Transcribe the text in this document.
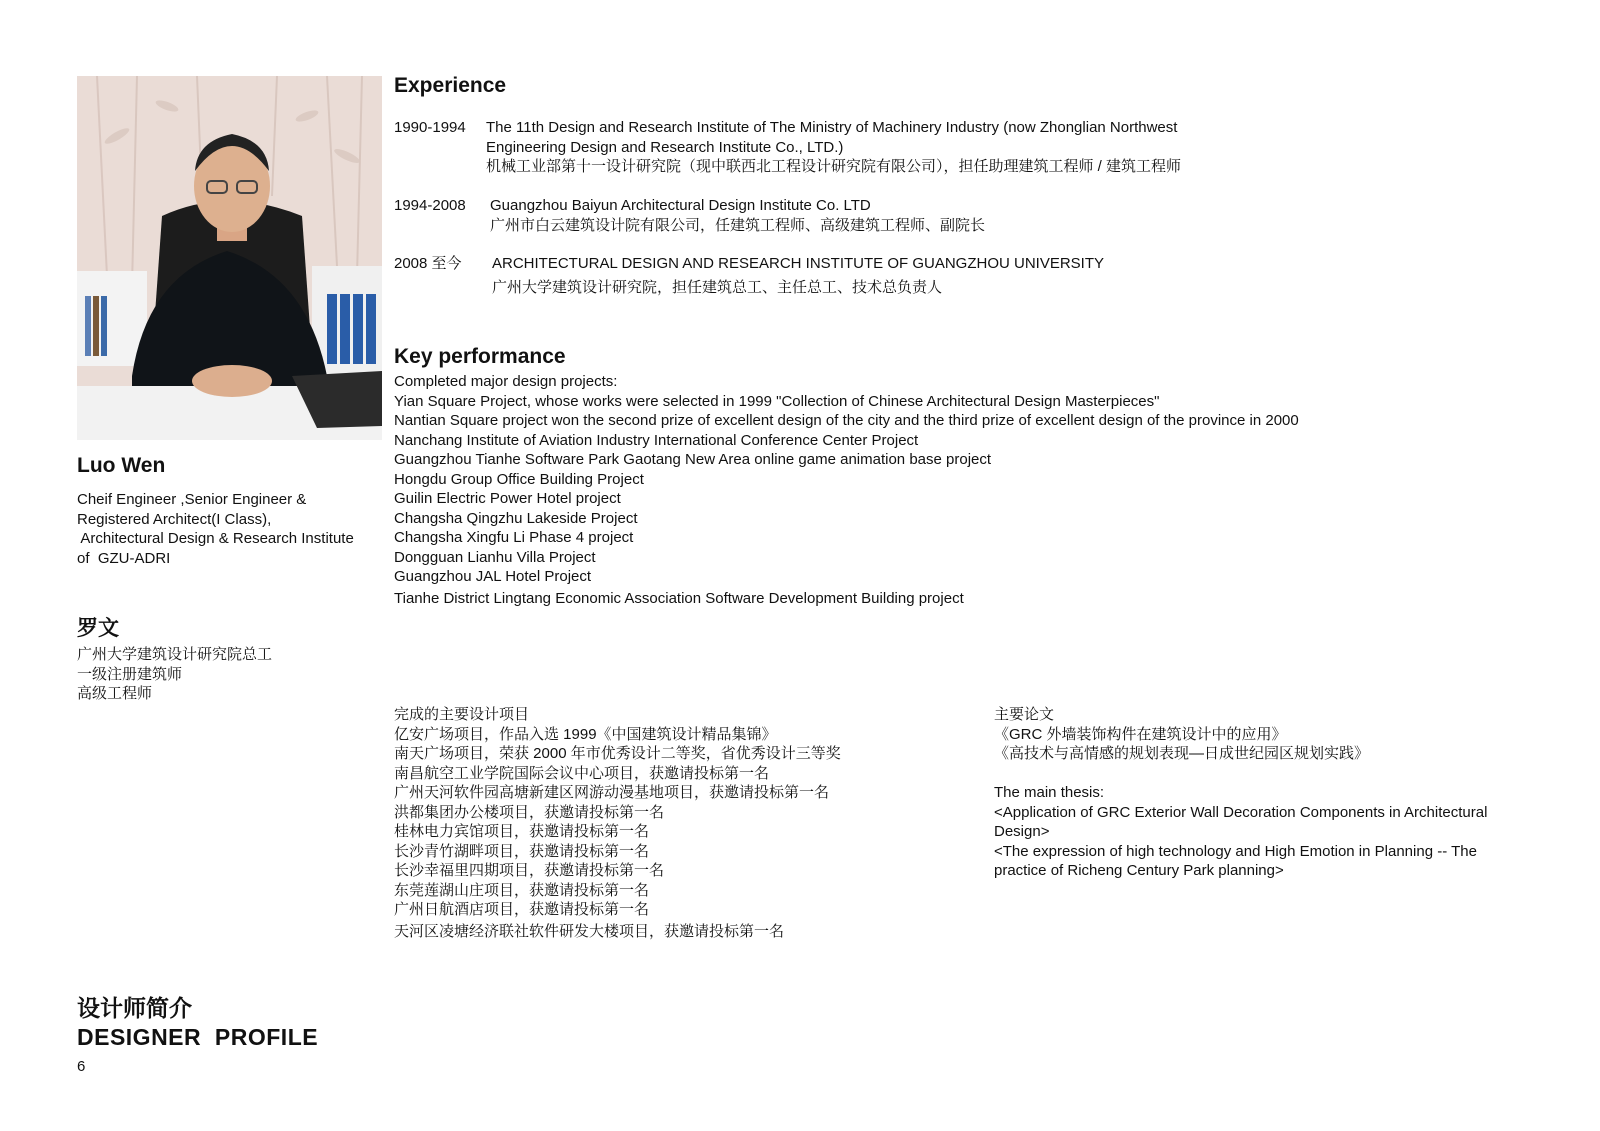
Luo Wen
Cheif Engineer ,Senior Engineer &
Registered Architect(I Class),
Architectural Design & Research Institute
of  GZU-ADRI
罗文
广州大学建筑设计研究院总工
一级注册建筑师
高级工程师
设计师简介
DESIGNER  PROFILE
6
Experience
1990-1994 The 11th Design and Research Institute of The Ministry of Machinery Industry (now Zhonglian Northwest
Engineering Design and Research Institute Co., LTD.)
机械工业部第十一设计研究院（现中联西北工程设计研究院有限公司），担任助理建筑工程师 / 建筑工程师
1994-2008 Guangzhou Baiyun Architectural Design Institute Co. LTD
广州市白云建筑设计院有限公司，任建筑工程师、高级建筑工程师、副院长
2008 至今 ARCHITECTURAL DESIGN AND RESEARCH INSTITUTE OF GUANGZHOU UNIVERSITY
广州大学建筑设计研究院，担任建筑总工、主任总工、技术总负责人
Key performance
Completed major design projects:
Yian Square Project, whose works were selected in 1999 "Collection of Chinese Architectural Design Masterpieces"
Nantian Square project won the second prize of excellent design of the city and the third prize of excellent design of the province in 2000
Nanchang Institute of Aviation Industry International Conference Center Project
Guangzhou Tianhe Software Park Gaotang New Area online game animation base project
Hongdu Group Office Building Project
Guilin Electric Power Hotel project
Changsha Qingzhu Lakeside Project
Changsha Xingfu Li Phase 4 project
Dongguan Lianhu Villa Project
Guangzhou JAL Hotel Project
Tianhe District Lingtang Economic Association Software Development Building project
完成的主要设计项目
亿安广场项目，作品入选 1999《中国建筑设计精品集锦》
南天广场项目，荣获 2000 年市优秀设计二等奖，省优秀设计三等奖
南昌航空工业学院国际会议中心项目，获邀请投标第一名
广州天河软件园高塘新建区网游动漫基地项目，获邀请投标第一名
洪都集团办公楼项目，获邀请投标第一名
桂林电力宾馆项目，获邀请投标第一名
长沙青竹湖畔项目，获邀请投标第一名
长沙幸福里四期项目，获邀请投标第一名
东莞莲湖山庄项目，获邀请投标第一名
广州日航酒店项目，获邀请投标第一名
天河区凌塘经济联社软件研发大楼项目，获邀请投标第一名
主要论文
《GRC 外墙装饰构件在建筑设计中的应用》
《高技术与高情感的规划表现—日成世纪园区规划实践》
The main thesis:
<Application of GRC Exterior Wall Decoration Components in Architectural
Design>
<The expression of high technology and High Emotion in Planning -- The
practice of Richeng Century Park planning>
